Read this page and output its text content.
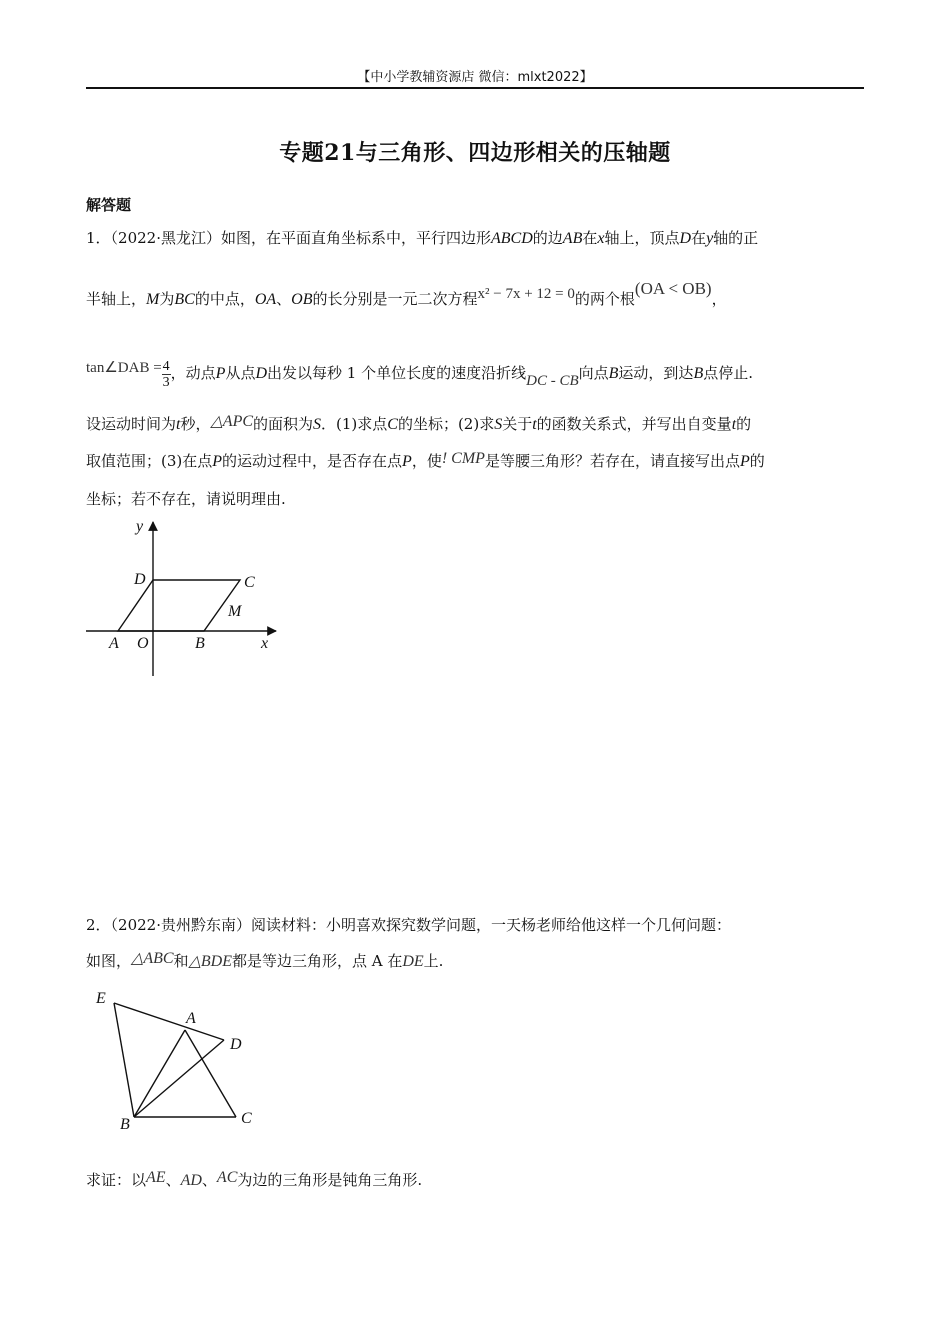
【中小学教辅资源店 微信：mlxt2022】
专题21与三角形、四边形相关的压轴题
解答题
1．（2022·黑龙江）如图，在平面直角坐标系中，平行四边形ABCD的边AB在x轴上，顶点D在y轴的正
半轴上，M为BC的中点，OA、OB的长分别是一元二次方程x² − 7x + 12 = 0的两个根(OA < OB)，
tan∠DAB = $\frac{4}{3}$ ，动点P从点D出发以每秒 1 个单位长度的速度沿折线DC - CB向点B运动，到达B点停止.
设运动时间为t秒，△APC的面积为S．(1)求点C的坐标；(2)求S关于t的函数关系式，并写出自变量t的
取值范围；(3)在点P的运动过程中，是否存在点P，使! CMP是等腰三角形？若存在，请直接写出点P的
坐标；若不存在，请说明理由.
y
D	C
M
A O	B	x
2．（2022·贵州黔东南）阅读材料：小明喜欢探究数学问题，一天杨老师给他这样一个几何问题：
如图，△ABC和△BDE都是等边三角形，点 A 在DE上.
E
A
D
B	C
求证：以AE、AD、AC为边的三角形是钝角三角形.
